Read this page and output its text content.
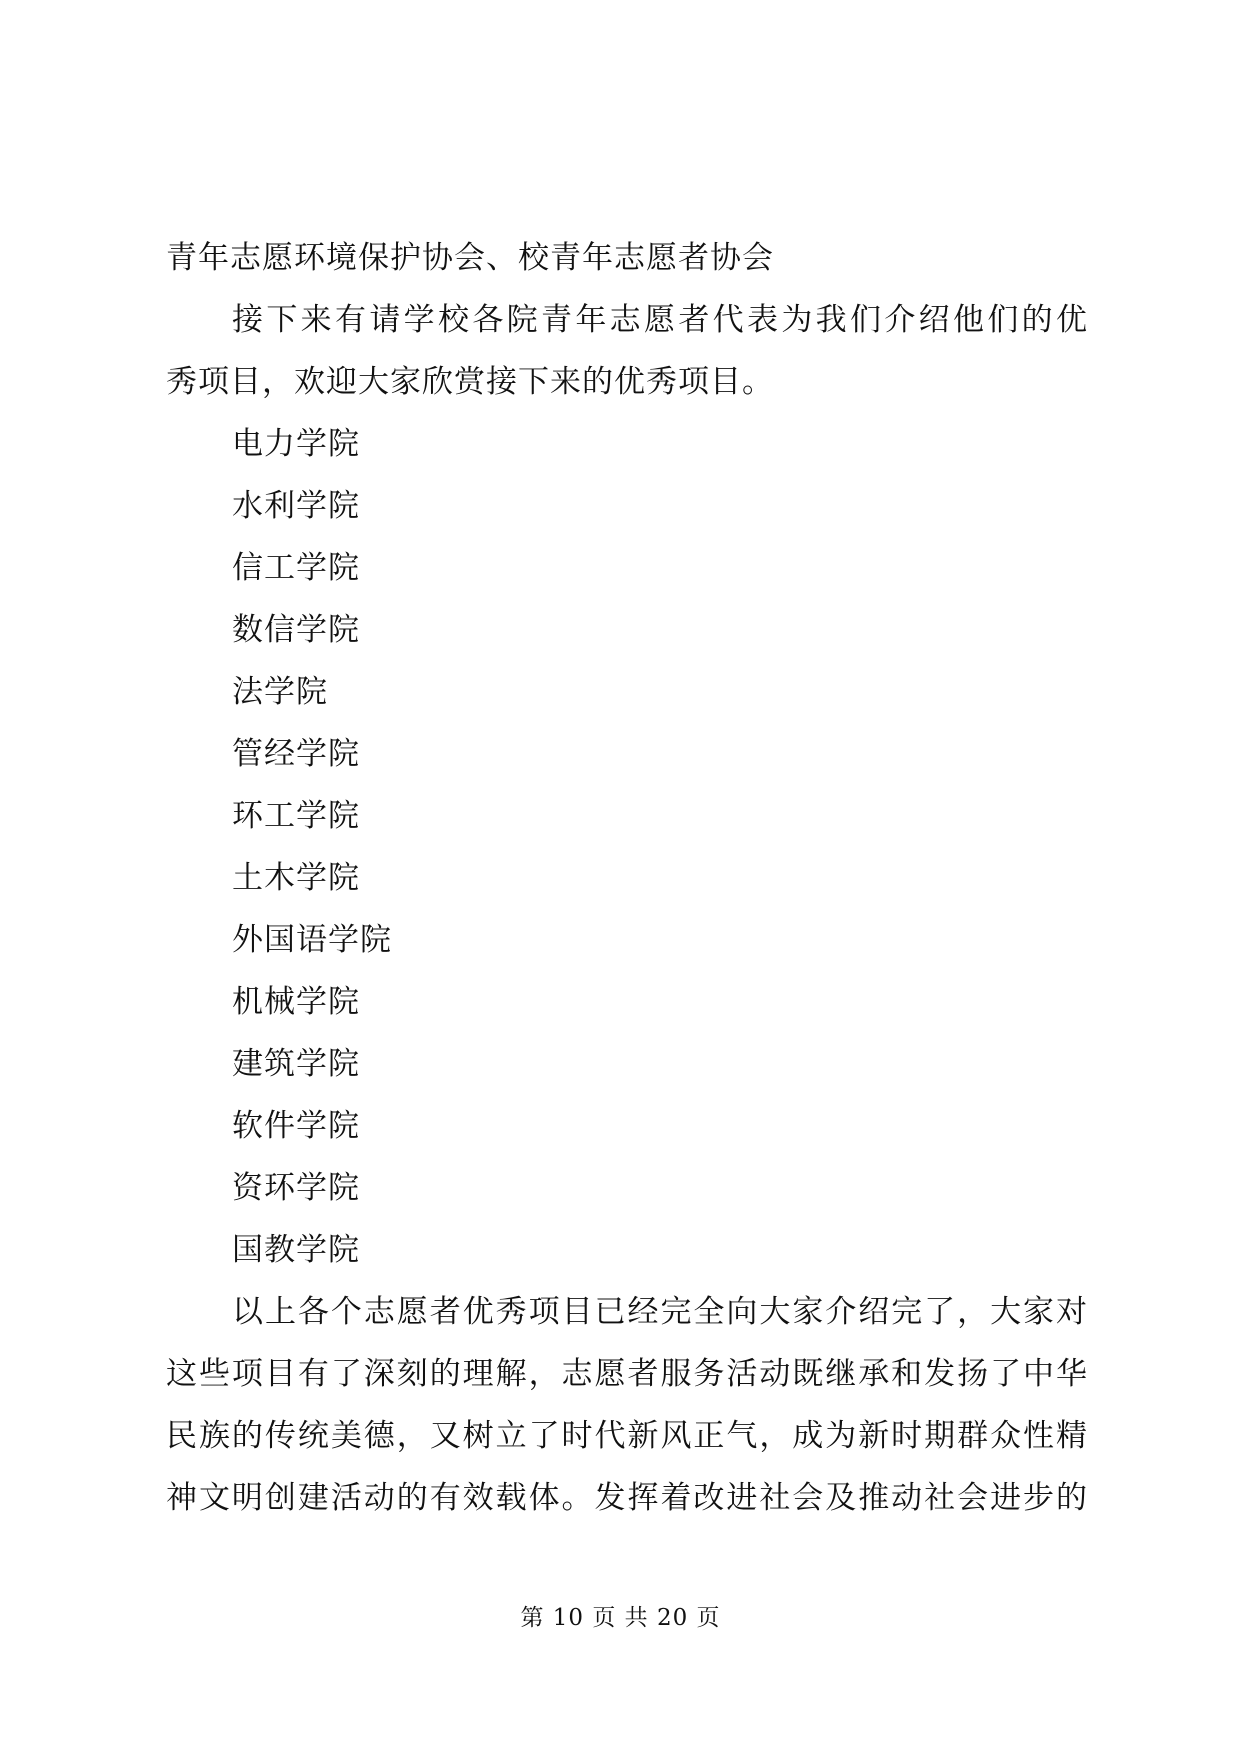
青年志愿环境保护协会、校青年志愿者协会
接下来有请学校各院青年志愿者代表为我们介绍他们的优
秀项目，欢迎大家欣赏接下来的优秀项目。
电力学院
水利学院
信工学院
数信学院
法学院
管经学院
环工学院
土木学院
外国语学院
机械学院
建筑学院
软件学院
资环学院
国教学院
以上各个志愿者优秀项目已经完全向大家介绍完了，大家对
这些项目有了深刻的理解，志愿者服务活动既继承和发扬了中华
民族的传统美德，又树立了时代新风正气，成为新时期群众性精
神文明创建活动的有效载体。发挥着改进社会及推动社会进步的
第 10 页 共 20 页
